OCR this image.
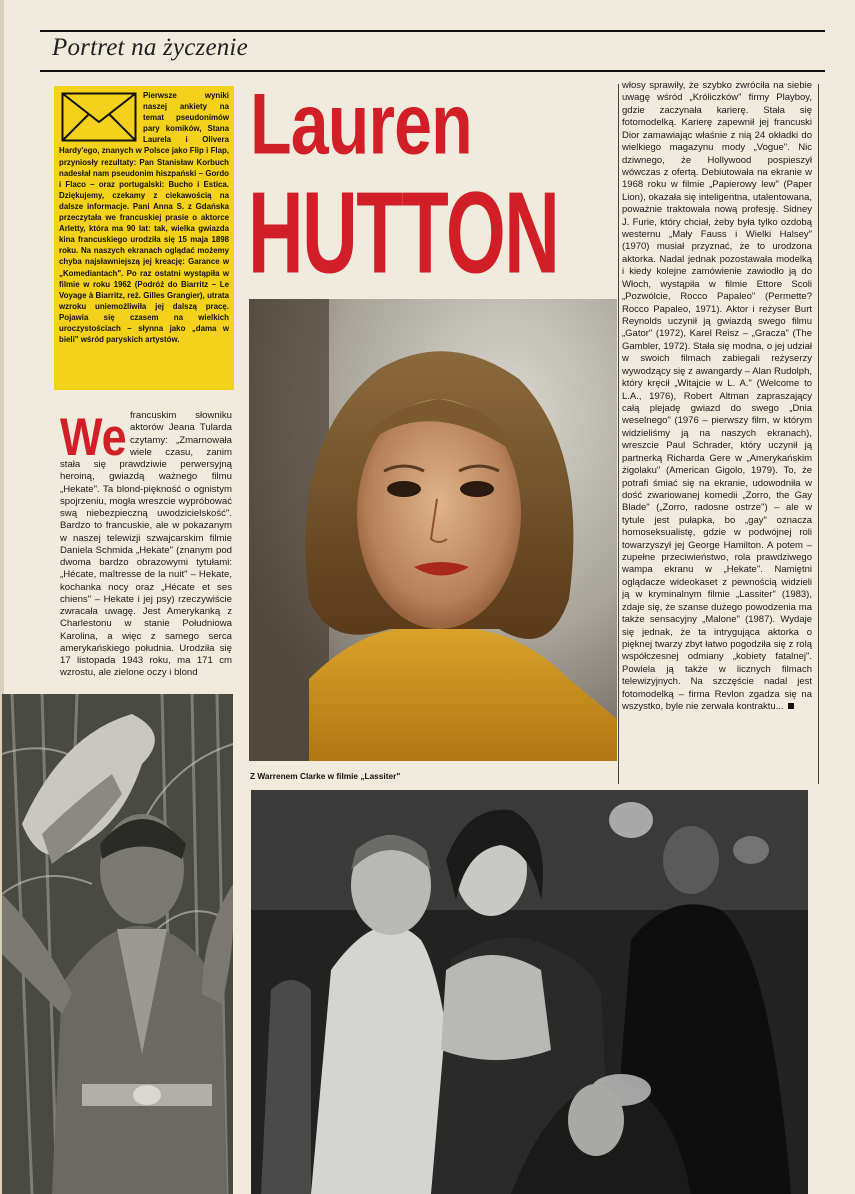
Portret na życzenie

Pierwsze wyniki naszej ankiety na temat pseudonimów pary komików, Stana Laurela i Olivera Hardy'ego, znanych w Polsce jako Flip i Flap, przyniosły rezultaty: Pan Stanisław Korbuch nadesłał nam pseudonim hiszpański – Gordo i Flaco – oraz portugalski: Bucho i Estica. Dziękujemy, czekamy z ciekawością na dalsze informacje. Pani Anna S. z Gdańska przeczytała we francuskiej prasie o aktorce Arletty, która ma 90 lat: tak, wielka gwiazda kina francuskiego urodziła się 15 maja 1898 roku. Na naszych ekranach oglądać możemy chyba najsławniejszą jej kreację: Garance w „Komediantach". Po raz ostatni wystąpiła w filmie w roku 1962 (Podróż do Biarritz – Le Voyage à Biarritz, reż. Gilles Grangier), utrata wzroku uniemożliwiła jej dalszą pracę. Pojawia się czasem na wielkich uroczystościach – słynna jako „dama w bieli" wśród paryskich artystów.

Lauren
HUTTON
We francuskim słowniku aktorów Jeana Tularda czytamy: „Zmarnowała wiele czasu, zanim stała się prawdziwie perwersyjną heroiną, gwiazdą ważnego filmu „Hekate". Ta blond-piękność o ognistym spojrzeniu, mogła wreszcie wypróbować swą niebezpieczną uwodzicielskość". Bardzo to francuskie, ale w pokazanym w naszej telewizji szwajcarskim filmie Daniela Schmida „Hekate" (znanym pod dwoma bardzo obrazowymi tytułami: „Hécate, maîtresse de la nuit" – Hekate, kochanka nocy oraz „Hécate et ses chiens" – Hekate i jej psy) rzeczywiście zwracała uwagę. Jest Amerykanką z Charlestonu w stanie Południowa Karolina, a więc z samego serca amerykańskiego południa. Urodziła się 17 listopada 1943 roku, ma 171 cm wzrostu, ale zielone oczy i blond

włosy sprawiły, że szybko zwróciła na siebie uwagę wśród „Króliczków" firmy Playboy, gdzie zaczynała karierę. Stała się fotomodelką. Karierę zapewnił jej francuski Dior zamawiając właśnie z nią 24 okładki do wielkiego magazynu mody „Vogue". Nic dziwnego, że Hollywood pospieszył wówczas z ofertą. Debiutowała na ekranie w 1968 roku w filmie „Papierowy lew" (Paper Lion), okazała się inteligentna, utalentowana, poważnie traktowała nową profesję. Sidney J. Furie, który chciał, żeby była tylko ozdobą westernu „Mały Fauss i Wielki Halsey" (1970) musiał przyznać, że to urodzona aktorka. Nadal jednak pozostawała modelką i kiedy kolejne zamówienie zawiodło ją do Włoch, wystąpiła w filmie Ettore Scoli „Pozwólcie, Rocco Papaleo" (Permette? Rocco Papaleo, 1971). Aktor i reżyser Burt Reynolds uczynił ją gwiazdą swego filmu „Gator" (1972), Karel Reisz – „Gracza" (The Gambler, 1972). Stała się modna, o jej udział w swoich filmach zabiegali reżyserzy wywodzący się z awangardy – Alan Rudolph, który kręcił „Witajcie w L. A." (Welcome to L.A., 1976), Robert Altman zapraszający całą plejadę gwiazd do swego „Dnia weselnego" (1976 – pierwszy film, w którym widzieliśmy ją na naszych ekranach), wreszcie Paul Schrader, który uczynił ją partnerką Richarda Gere w „Amerykańskim żigolaku" (American Gigolo, 1979). To, że potrafi śmiać się na ekranie, udowodniła w dość zwariowanej komedii „Zorro, the Gay Blade" („Zorro, radosne ostrze") – ale w tytule jest pułapka, bo „gay" oznacza homoseksualistę, gdzie w podwójnej roli towarzyszył jej George Hamilton. A potem – zupełne przeciwieństwo, rola prawdziwego wampa ekranu w „Hekate". Namiętni oglądacze wideokaset z pewnością widzieli ją w kryminalnym filmie „Lassiter" (1983), zdaje się, że szanse dużego powodzenia ma także sensacyjny „Malone" (1987). Wydaje się jednak, że ta intrygująca aktorka o pięknej twarzy zbyt łatwo pogodziła się z rolą współczesnej odmiany „kobiety fatalnej". Powiela ją także w licznych filmach telewizyjnych. Na szczęście nadal jest fotomodelką – firma Revlon zgadza się na wszystko, byle nie zerwała kontraktu...

Z Warrenem Clarke w filmie „Lassiter"
